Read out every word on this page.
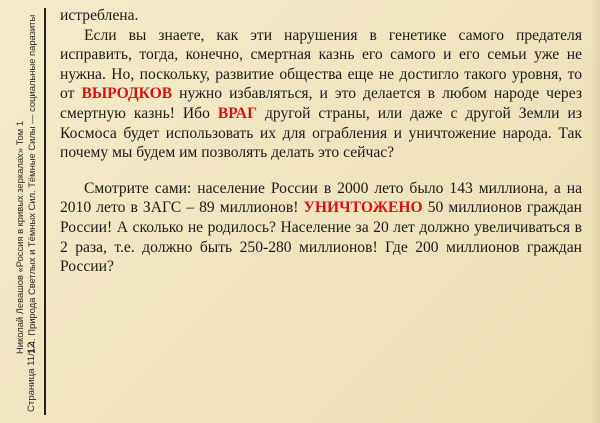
Николай Левашов «Россия в кривых зеркалах» Том 1
Страница 11/12
1.4. Природа Светлых и Тёмных Сил. Тёмные Силы — социальные паразиты истреблена.

Если вы знаете, как эти нарушения в генетике самого предателя исправить, тогда, конечно, смертная казнь его самого и его семьи уже не нужна. Но, поскольку, развитие общества еще не достигло такого уровня, то от ВЫРОДКОВ нужно избавляться, и это делается в любом народе через смертную казнь! Ибо ВРАГ другой страны, или даже с другой Земли из Космоса будет использовать их для ограбления и уничтожение народа. Так почему мы будем им позволять делать это сейчас?

Смотрите сами: население России в 2000 лето было 143 миллиона, а на 2010 лето в ЗАГС – 89 миллионов! УНИЧТОЖЕНО 50 миллионов граждан России! А сколько не родилось? Население за 20 лет должно увеличиваться в 2 раза, т.е. должно быть 250-280 миллионов! Где 200 миллионов граждан России?
